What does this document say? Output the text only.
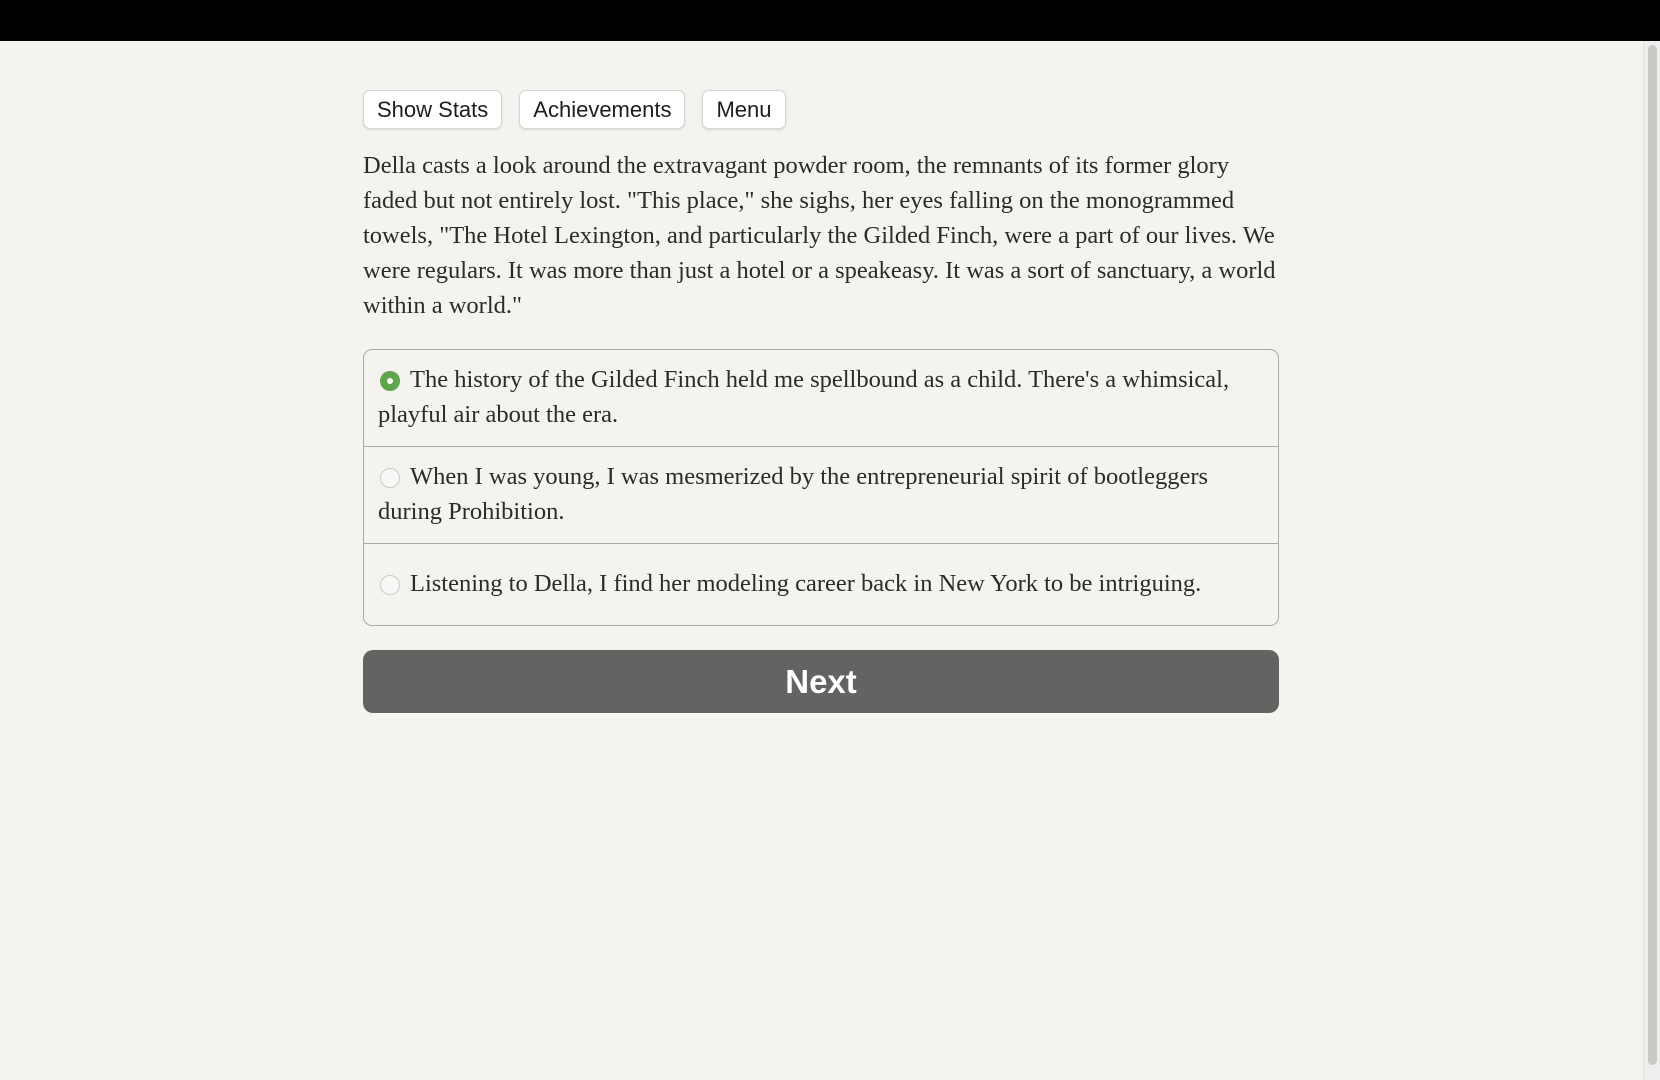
Show Stats	Achievements	Menu
Della casts a look around the extravagant powder room, the remnants of its former glory faded but not entirely lost. "This place," she sighs, her eyes falling on the monogrammed towels, "The Hotel Lexington, and particularly the Gilded Finch, were a part of our lives. We were regulars. It was more than just a hotel or a speakeasy. It was a sort of sanctuary, a world within a world."
The history of the Gilded Finch held me spellbound as a child. There's a whimsical, playful air about the era.
When I was young, I was mesmerized by the entrepreneurial spirit of bootleggers during Prohibition.
Listening to Della, I find her modeling career back in New York to be intriguing.
Next
